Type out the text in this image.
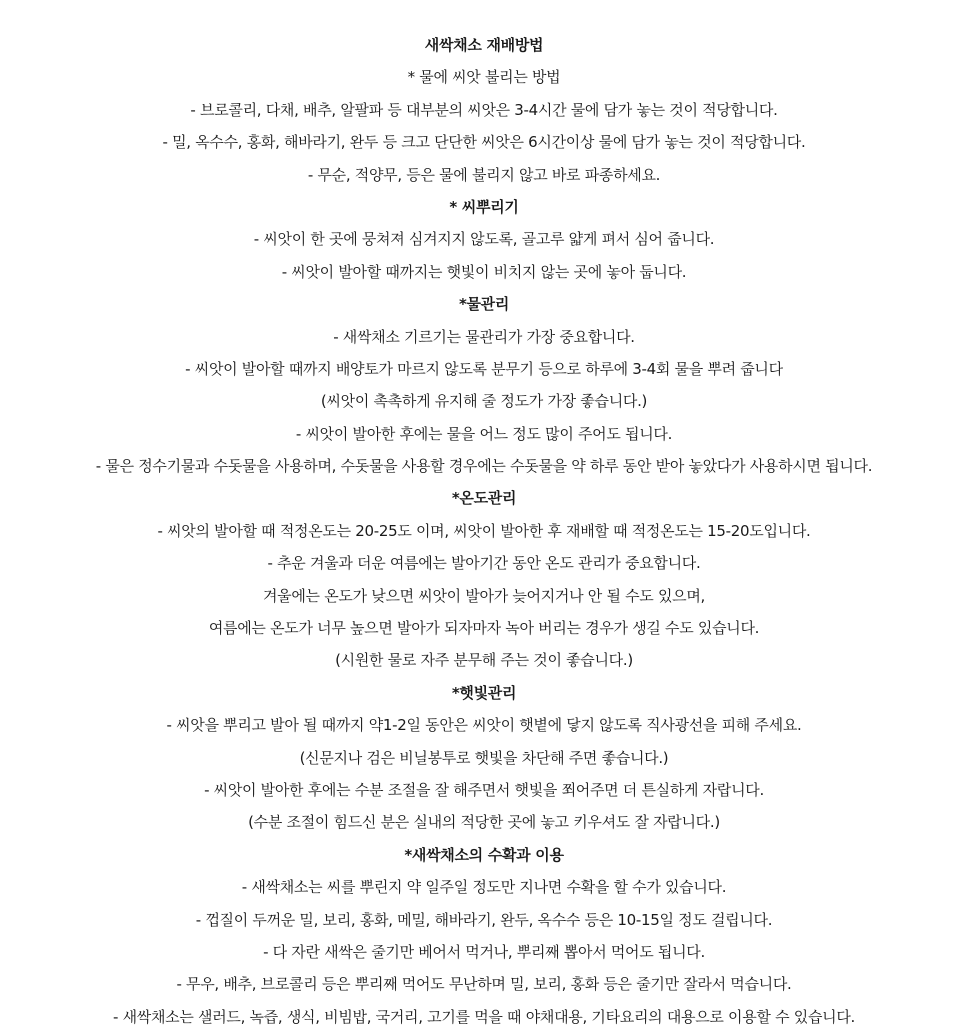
새싹채소 재배방법
* 물에 씨앗 불리는 방법
- 브로콜리, 다채, 배추, 알팔파 등 대부분의 씨앗은 3-4시간 물에 담가 놓는 것이 적당합니다.
- 밀, 옥수수, 홍화, 해바라기, 완두 등 크고 단단한 씨앗은 6시간이상 물에 담가 놓는 것이 적당합니다.
- 무순, 적양무, 등은 물에 불리지 않고 바로 파종하세요.
* 씨뿌리기
- 씨앗이 한 곳에 뭉쳐져 심겨지지 않도록, 골고루 얇게 펴서 심어 줍니다.
- 씨앗이 발아할 때까지는 햇빛이 비치지 않는 곳에 놓아 둡니다.
*물관리
- 새싹채소 기르기는 물관리가 가장 중요합니다.
- 씨앗이 발아할 때까지 배양토가 마르지 않도록 분무기 등으로 하루에 3-4회 물을 뿌려 줍니다
(씨앗이 촉촉하게 유지해 줄 정도가 가장 좋습니다.)
- 씨앗이 발아한 후에는 물을 어느 정도 많이 주어도 됩니다.
- 물은 정수기물과 수돗물을 사용하며, 수돗물을 사용할 경우에는 수돗물을 약 하루 동안 받아 놓았다가 사용하시면 됩니다.
*온도관리
- 씨앗의 발아할 때 적정온도는 20-25도 이며, 씨앗이 발아한 후 재배할 때 적정온도는 15-20도입니다.
- 추운 겨울과 더운 여름에는 발아기간 동안 온도 관리가 중요합니다.
겨울에는 온도가 낮으면 씨앗이 발아가 늦어지거나 안 될 수도 있으며,
여름에는 온도가 너무 높으면 발아가 되자마자 녹아 버리는 경우가 생길 수도 있습니다.
(시원한 물로 자주 분무해 주는 것이 좋습니다.)
*햇빛관리
- 씨앗을 뿌리고 발아 될 때까지 약1-2일 동안은 씨앗이 햇볕에 닿지 않도록 직사광선을 피해 주세요.
(신문지나 검은 비닐봉투로 햇빛을 차단해 주면 좋습니다.)
- 씨앗이 발아한 후에는 수분 조절을 잘 해주면서 햇빛을 쬐어주면 더 튼실하게 자랍니다.
(수분 조절이 힘드신 분은 실내의 적당한 곳에 놓고 키우셔도 잘 자랍니다.)
*새싹채소의 수확과 이용
- 새싹채소는 씨를 뿌린지 약 일주일 정도만 지나면 수확을 할 수가 있습니다.
- 껍질이 두꺼운 밀, 보리, 홍화, 메밀, 해바라기, 완두, 옥수수 등은 10-15일 정도 걸립니다.
- 다 자란 새싹은 줄기만 베어서 먹거나, 뿌리째 뽑아서 먹어도 됩니다.
- 무우, 배추, 브로콜리 등은 뿌리째 먹어도 무난하며 밀, 보리, 홍화 등은 줄기만 잘라서 먹습니다.
- 새싹채소는 샐러드, 녹즙, 생식, 비빔밥, 국거리, 고기를 먹을 때 야채대용, 기타요리의 대용으로 이용할 수 있습니다.
